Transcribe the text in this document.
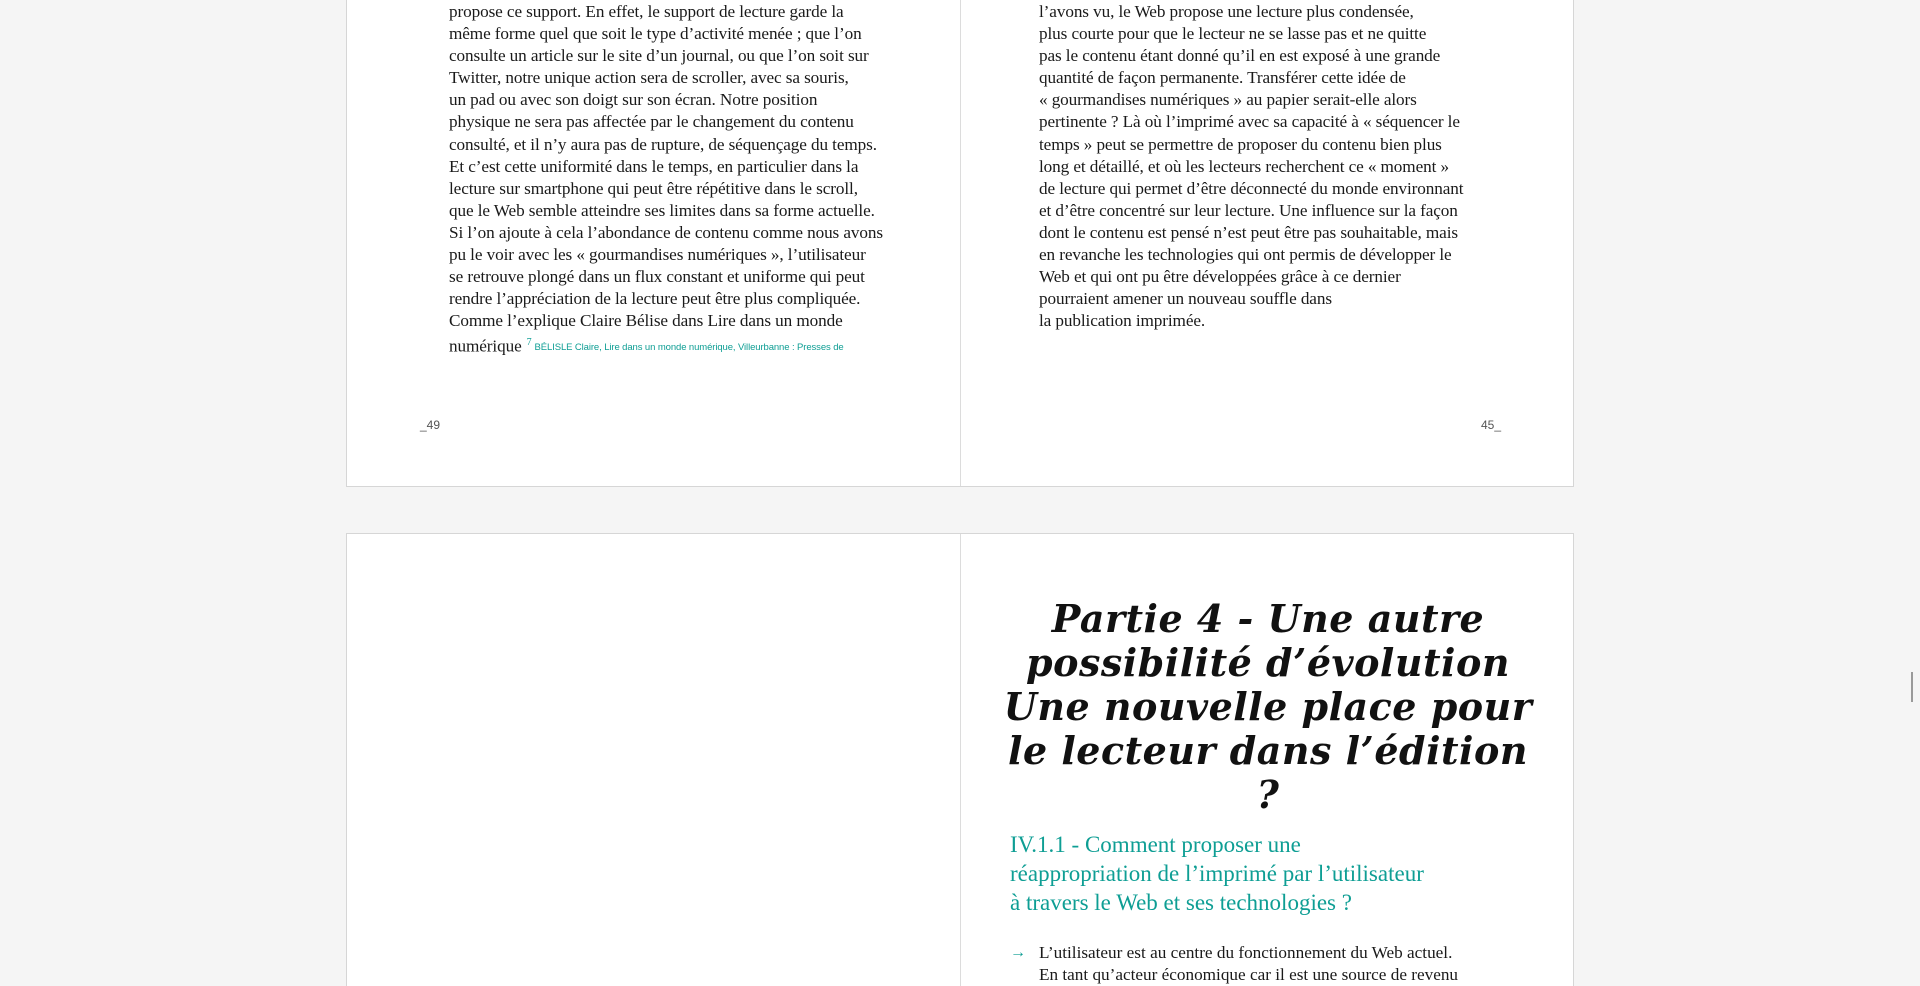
propose ce support. En effet, le support de lecture garde la
même forme quel que soit le type d’activité menée ; que l’on
consulte un article sur le site d’un journal, ou que l’on soit sur
Twitter, notre unique action sera de scroller, avec sa souris,
un pad ou avec son doigt sur son écran. Notre position
physique ne sera pas affectée par le changement du contenu
consulté, et il n’y aura pas de rupture, de séquençage du temps.
Et c’est cette uniformité dans le temps, en particulier dans la
lecture sur smartphone qui peut être répétitive dans le scroll,
que le Web semble atteindre ses limites dans sa forme actuelle.
Si l’on ajoute à cela l’abondance de contenu comme nous avons
pu le voir avec les « gourmandises numériques », l’utilisateur
se retrouve plongé dans un flux constant et uniforme qui peut
rendre l’appréciation de la lecture peut être plus compliquée.
Comme l’explique Claire Bélise dans Lire dans un monde
numérique $^7$ BÉLISLE Claire, Lire dans un monde numérique, Villeurbanne : Presses de
_49
l’avons vu, le Web propose une lecture plus condensée,
plus courte pour que le lecteur ne se lasse pas et ne quitte
pas le contenu étant donné qu’il en est exposé à une grande
quantité de façon permanente. Transférer cette idée de
« gourmandises numériques » au papier serait-elle alors
pertinente ? Là où l’imprimé avec sa capacité à « séquencer le
temps » peut se permettre de proposer du contenu bien plus
long et détaillé, et où les lecteurs recherchent ce « moment »
de lecture qui permet d’être déconnecté du monde environnant
et d’être concentré sur leur lecture. Une influence sur la façon
dont le contenu est pensé n’est peut être pas souhaitable, mais
en revanche les technologies qui ont permis de développer le
Web et qui ont pu être développées grâce à ce dernier
pourraient amener un nouveau souffle dans
la publication imprimée.
45_
Partie 4 - Une autre
possibilité d’évolution
Une nouvelle place pour
le lecteur dans l’édition ?
IV.1.1 - Comment proposer une
réappropriation de l’imprimé par l’utilisateur
à travers le Web et ses technologies ?
→ L’utilisateur est au centre du fonctionnement du Web actuel.
En tant qu’acteur économique car il est une source de revenu
